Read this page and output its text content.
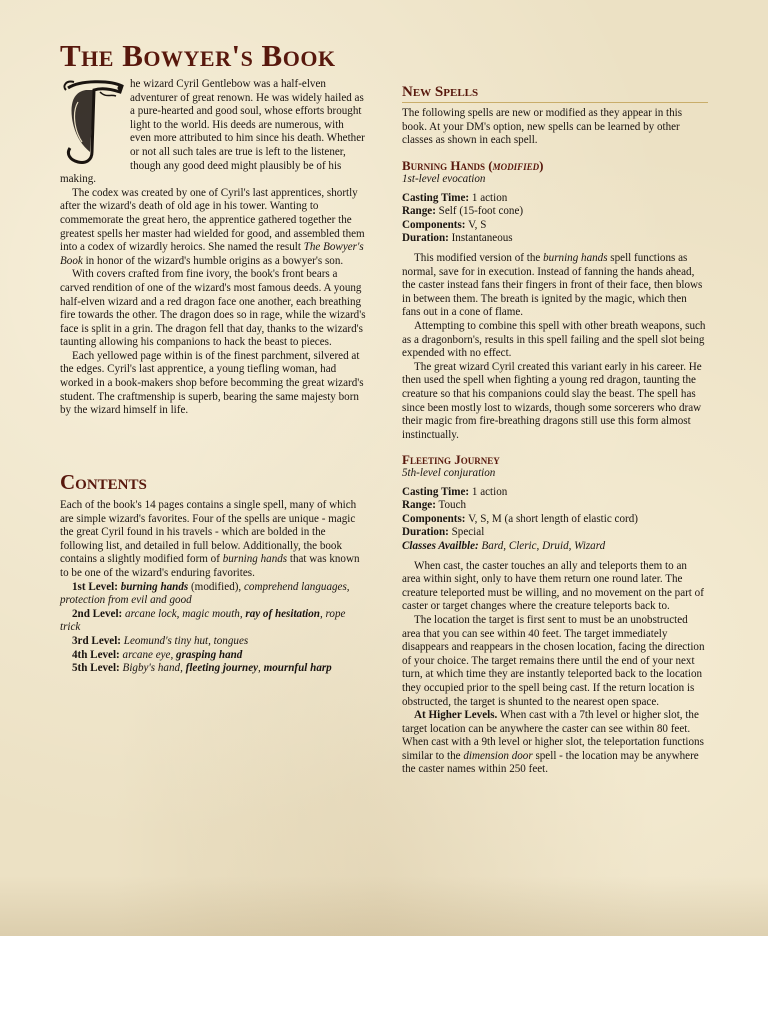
The Bowyer's Book

he wizard Cyril Gentlebow was a half-elven adventurer of great renown. He was widely hailed as a pure-hearted and good soul, whose efforts brought light to the world. His deeds are numerous, with even more attributed to him since his death. Whether or not all such tales are true is left to the listener, though any good deed might plausibly be of his making.

The codex was created by one of Cyril's last apprentices, shortly after the wizard's death of old age in his tower. Wanting to commemorate the great hero, the apprentice gathered together the greatest spells her master had wielded for good, and assembled them into a codex of wizardly heroics. She named the result The Bowyer's Book in honor of the wizard's humble origins as a bowyer's son.

With covers crafted from fine ivory, the book's front bears a carved rendition of one of the wizard's most famous deeds. A young half-elven wizard and a red dragon face one another, each breathing fire towards the other. The dragon does so in rage, while the wizard's face is split in a grin. The dragon fell that day, thanks to the wizard's taunting allowing his companions to hack the beast to pieces.

Each yellowed page within is of the finest parchment, silvered at the edges. Cyril's last apprentice, a young tiefling woman, had worked in a book-makers shop before becomming the great wizard's student. The craftmenship is superb, bearing the same majesty born by the wizard himself in life.

Contents

Each of the book's 14 pages contains a single spell, many of which are simple wizard's favorites. Four of the spells are unique - magic the great Cyril found in his travels - which are bolded in the following list, and detailed in full below. Additionally, the book contains a slightly modified form of burning hands that was known to be one of the wizard's enduring favorites.

1st Level: burning hands (modified), comprehend languages, protection from evil and good
2nd Level: arcane lock, magic mouth, ray of hesitation, rope trick
3rd Level: Leomund's tiny hut, tongues
4th Level: arcane eye, grasping hand
5th Level: Bigby's hand, fleeting journey, mournful harp
New Spells

The following spells are new or modified as they appear in this book. At your DM's option, new spells can be learned by other classes as shown in each spell.

Burning Hands (modified)
1st-level evocation
Casting Time: 1 action
Range: Self (15-foot cone)
Components: V, S
Duration: Instantaneous

This modified version of the burning hands spell functions as normal, save for in execution. Instead of fanning the hands ahead, the caster instead fans their fingers in front of their face, then blows in between them. The breath is ignited by the magic, which then fans out in a cone of flame.

Attempting to combine this spell with other breath weapons, such as a dragonborn's, results in this spell failing and the spell slot being expended with no effect.

The great wizard Cyril created this variant early in his career. He then used the spell when fighting a young red dragon, taunting the creature so that his companions could slay the beast. The spell has since been mostly lost to wizards, though some sorcerers who draw their magic from fire-breathing dragons still use this form almost instinctually.

Fleeting Journey
5th-level conjuration
Casting Time: 1 action
Range: Touch
Components: V, S, M (a short length of elastic cord)
Duration: Special
Classes Availble: Bard, Cleric, Druid, Wizard

When cast, the caster touches an ally and teleports them to an area within sight, only to have them return one round later. The creature teleported must be willing, and no movement on the part of caster or target changes where the creature teleports back to.

The location the target is first sent to must be an unobstructed area that you can see within 40 feet. The target immediately disappears and reappears in the chosen location, facing the direction of your choice. The target remains there until the end of your next turn, at which time they are instantly teleported back to the location they occupied prior to the spell being cast. If the return location is obstructed, the target is shunted to the nearest open space.

At Higher Levels. When cast with a 7th level or higher slot, the target location can be anywhere the caster can see within 80 feet. When cast with a 9th level or higher slot, the teleportation functions similar to the dimension door spell - the location may be anywhere the caster names within 250 feet.
